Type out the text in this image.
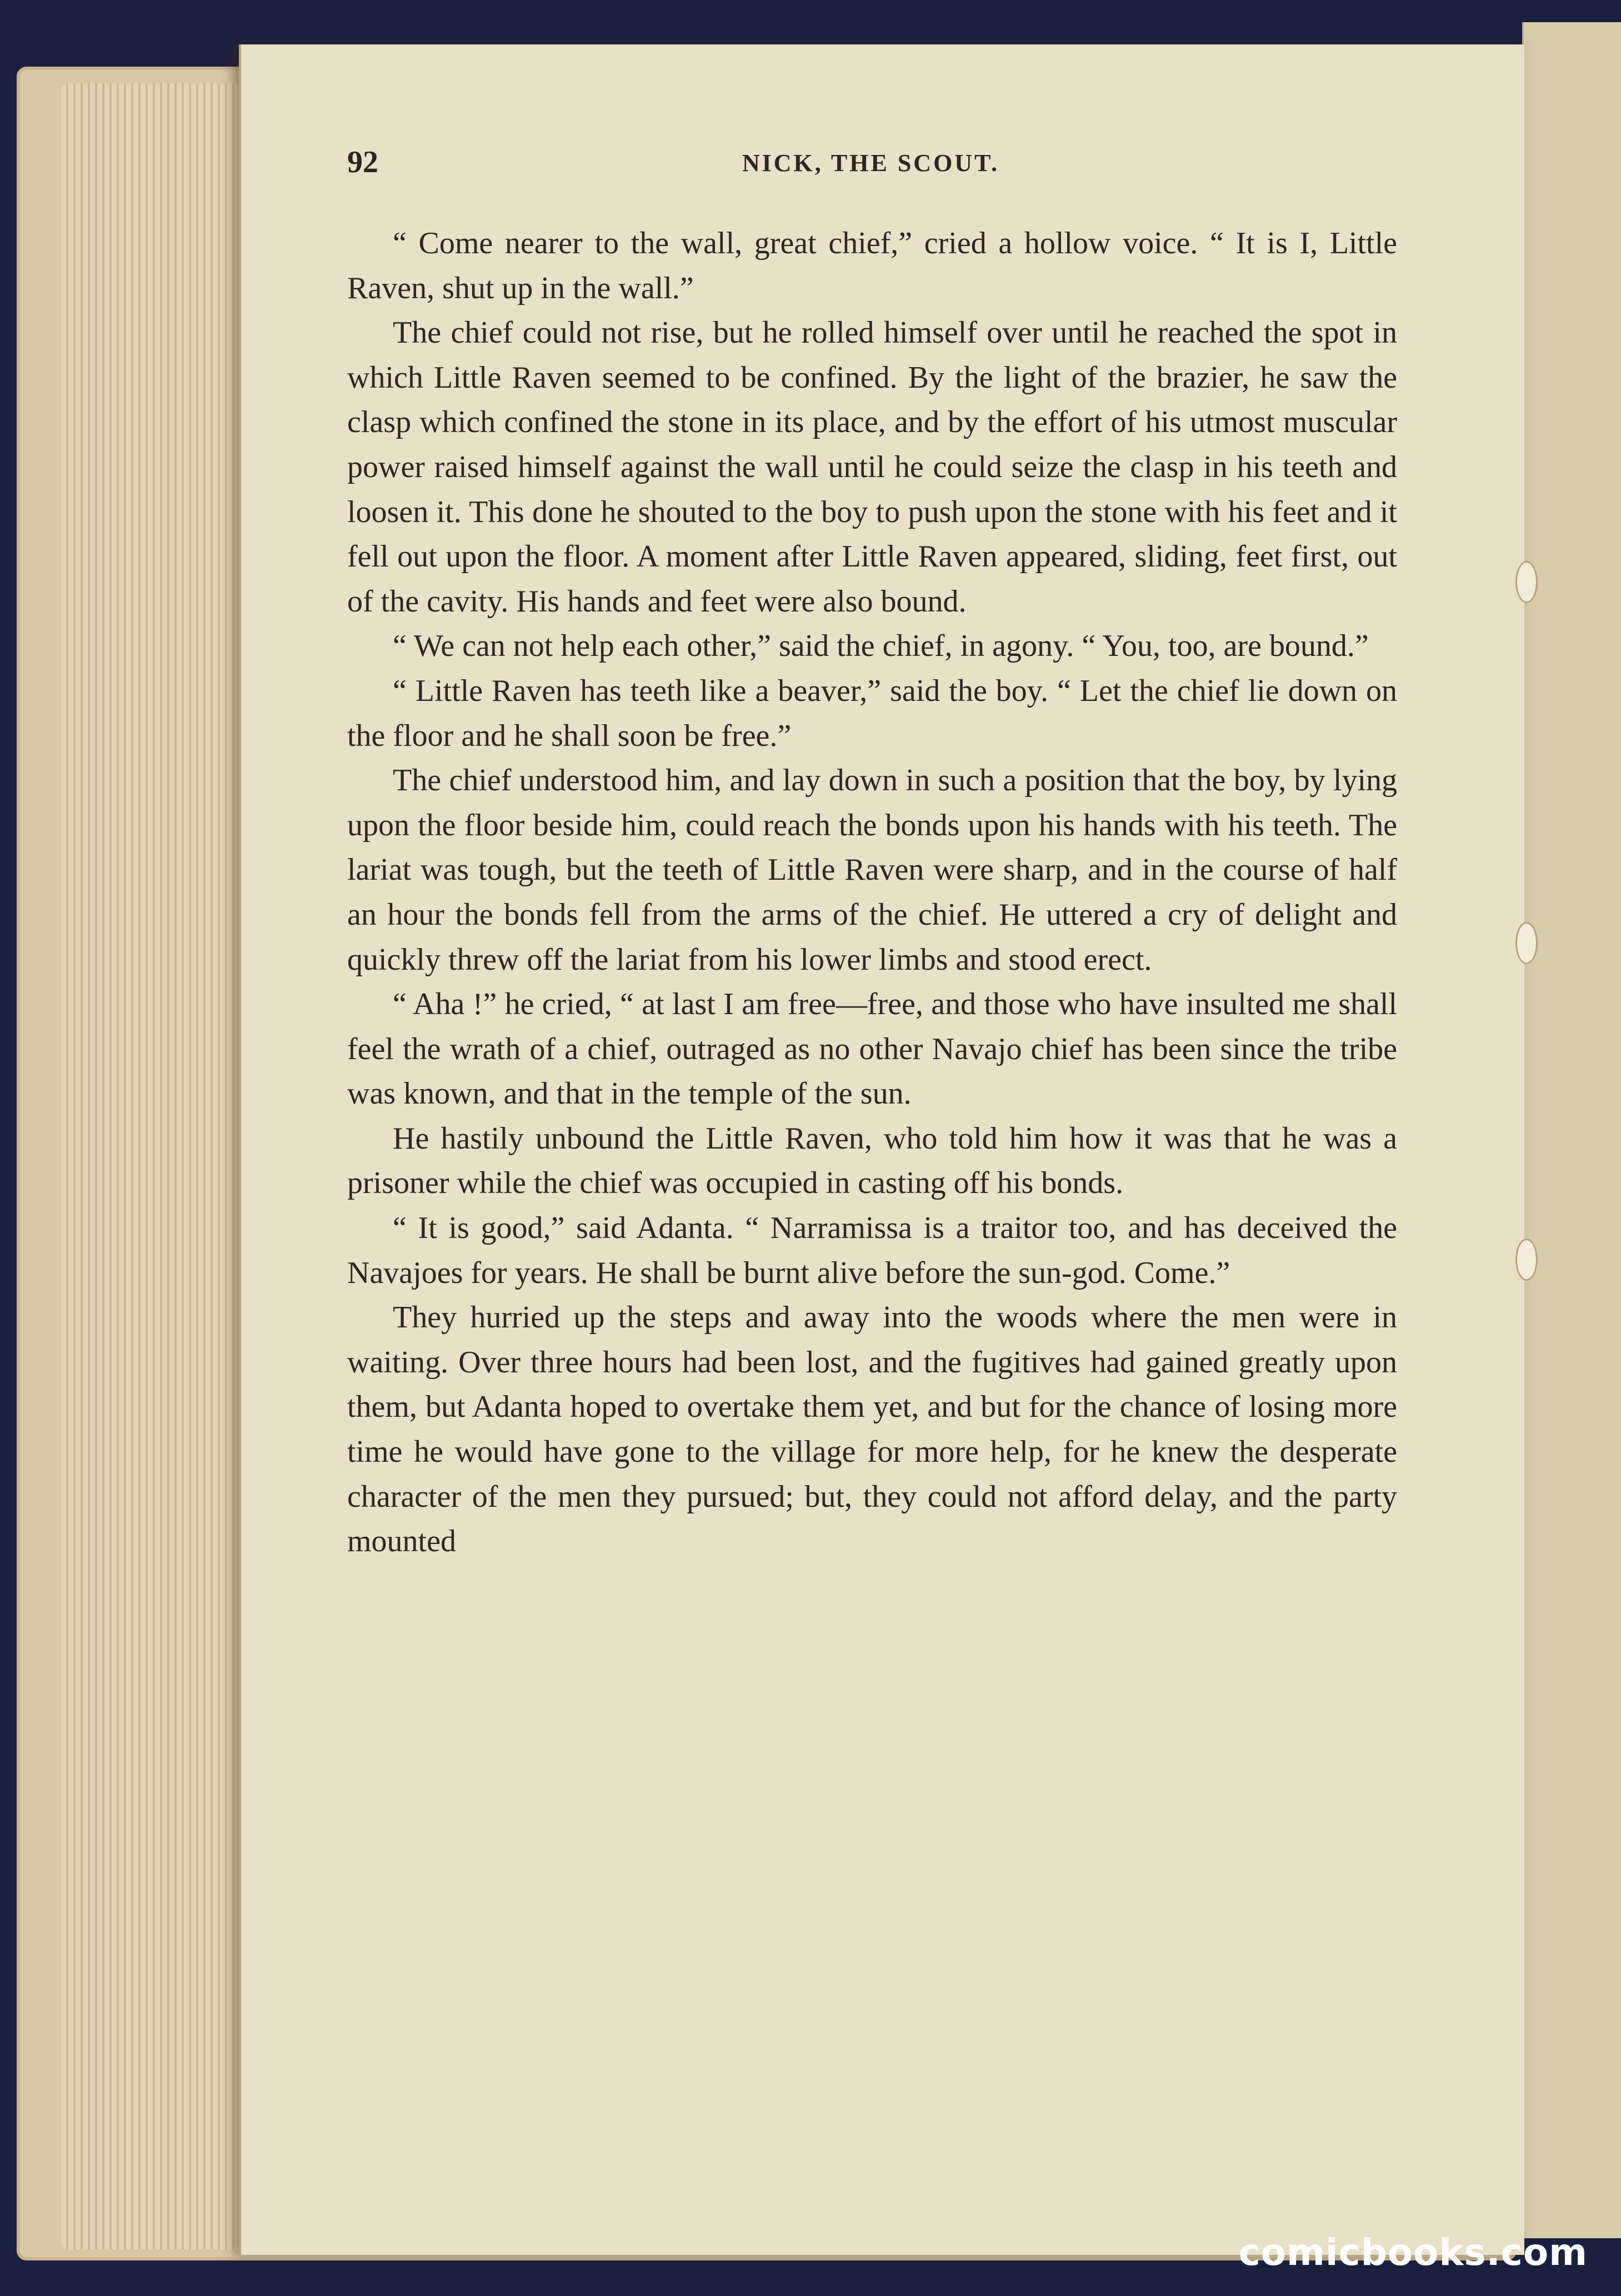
92	NICK, THE SCOUT.

“ Come nearer to the wall, great chief,” cried a hollow voice. “ It is I, Little Raven, shut up in the wall.”

The chief could not rise, but he rolled himself over until he reached the spot in which Little Raven seemed to be confined. By the light of the brazier, he saw the clasp which confined the stone in its place, and by the effort of his utmost muscular power raised himself against the wall until he could seize the clasp in his teeth and loosen it. This done he shouted to the boy to push upon the stone with his feet and it fell out upon the floor. A moment after Little Raven appeared, sliding, feet first, out of the cavity. His hands and feet were also bound.

“ We can not help each other,” said the chief, in agony. “ You, too, are bound.”

“ Little Raven has teeth like a beaver,” said the boy. “ Let the chief lie down on the floor and he shall soon be free.”

The chief understood him, and lay down in such a position that the boy, by lying upon the floor beside him, could reach the bonds upon his hands with his teeth. The lariat was tough, but the teeth of Little Raven were sharp, and in the course of half an hour the bonds fell from the arms of the chief. He uttered a cry of delight and quickly threw off the lariat from his lower limbs and stood erect.

“ Aha !” he cried, “ at last I am free—free, and those who have insulted me shall feel the wrath of a chief, outraged as no other Navajo chief has been since the tribe was known, and that in the temple of the sun.

He hastily unbound the Little Raven, who told him how it was that he was a prisoner while the chief was occupied in casting off his bonds.

“ It is good,” said Adanta. “ Narramissa is a traitor too, and has deceived the Navajoes for years. He shall be burnt alive before the sun-god. Come.”

They hurried up the steps and away into the woods where the men were in waiting. Over three hours had been lost, and the fugitives had gained greatly upon them, but Adanta hoped to overtake them yet, and but for the chance of losing more time he would have gone to the village for more help, for he knew the desperate character of the men they pursued; but, they could not afford delay, and the party mounted

comicbooks.com
